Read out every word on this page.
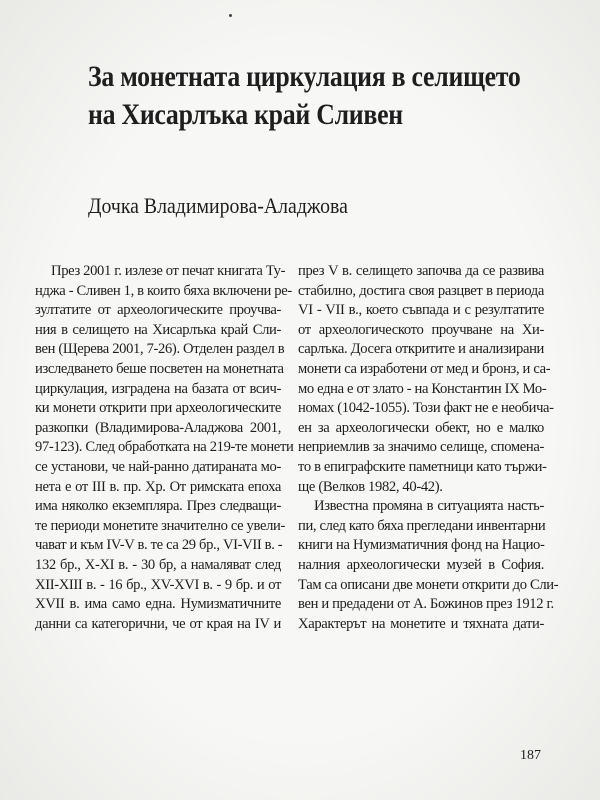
За монетната циркулация в селището
на Хисарлъка край Сливен
Дочка Владимирова-Аладжова
През 2001 г. излезе от печат книгата Ту-
нджа - Сливен 1, в които бяха включени ре-
зултатите от археологическите проучва-
ния в селището на Хисарлъка край Сли-
вен (Щерева 2001, 7-26). Отделен раздел в
изследването беше посветен на монетната
циркулация, изградена на базата от всич-
ки монети открити при археологическите
разкопки (Владимирова-Аладжова 2001,
97-123). След обработката на 219-те монети
се установи, че най-ранно датираната мо-
нета е от III в. пр. Хр. От римската епоха
има няколко екземпляра. През следващи-
те периоди монетите значително се увели-
чават и към IV-V в. те са 29 бр., VI-VII в. -
132 бр., X-XI в. - 30 бр, а намаляват след
XII-XIII в. - 16 бр., XV-XVI в. - 9 бр. и от
XVII в. има само една. Нумизматичните
данни са категорични, че от края на IV и
през V в. селището започва да се развива
стабилно, достига своя разцвет в периода
VI - VII в., което съвпада и с резултатите
от археологическото проучване на Хи-
сарлъка. Досега откритите и анализирани
монети са изработени от мед и бронз, и са-
мо една е от злато - на Константин IX Мо-
номах (1042-1055). Този факт не е необича-
ен за археологически обект, но е малко
неприемлив за значимо селище, спомена-
то в епиграфските паметници като тържи-
ще (Велков 1982, 40-42).
Известна промяна в ситуацията насть-
пи, след като бяха прегледани инвентарни
книги на Нумизматичния фонд на Нацио-
налния археологически музей в София.
Там са описани две монети открити до Сли-
вен и предадени от А. Божинов през 1912 г.
Характерът на монетите и тяхната дати-
187
